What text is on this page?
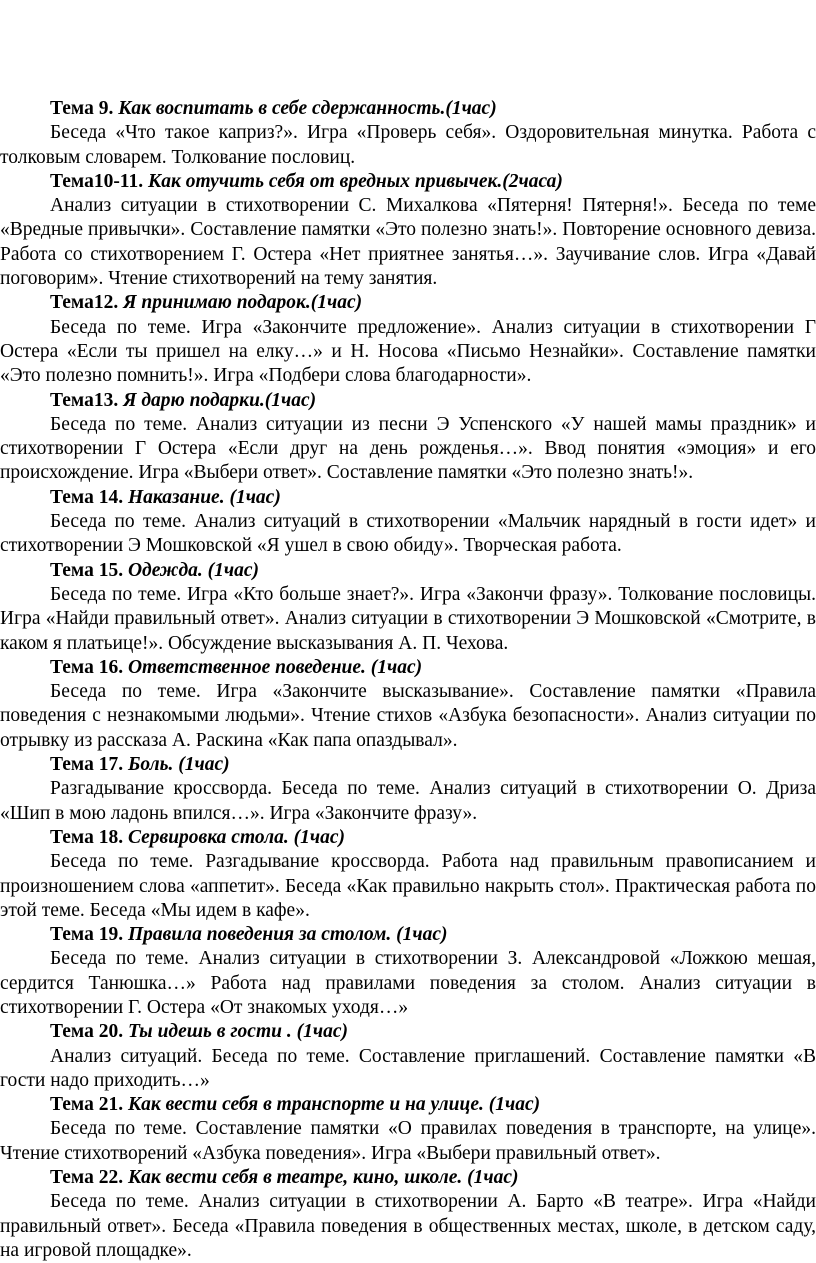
Тема 9. Как воспитать в себе сдержанность.(1час)

Беседа «Что такое каприз?». Игра «Проверь себя». Оздоровительная минутка. Работа с толковым словарем. Толкование пословиц.

Тема10-11. Как отучить себя от вредных привычек.(2часа)

Анализ ситуации в стихотворении С. Михалкова «Пятерня! Пятерня!». Беседа по теме «Вредные привычки». Составление памятки «Это полезно знать!». Повторение основного девиза. Работа со стихотворением Г. Остера «Нет приятнее занятья…». Заучивание слов. Игра «Давай поговорим». Чтение стихотворений на тему занятия.

Тема12. Я принимаю подарок.(1час)

Беседа по теме. Игра «Закончите предложение». Анализ ситуации в стихотворении Г Остера «Если ты пришел на елку…» и Н. Носова «Письмо Незнайки». Составление памятки «Это полезно помнить!». Игра «Подбери слова благодарности».

Тема13. Я дарю подарки.(1час)

Беседа по теме. Анализ ситуации из песни Э Успенского «У нашей мамы праздник» и стихотворении Г Остера «Если друг на день рожденья…». Ввод понятия «эмоция» и его происхождение. Игра «Выбери ответ». Составление памятки «Это полезно знать!».

Тема 14. Наказание. (1час)

Беседа по теме. Анализ ситуаций в стихотворении «Мальчик нарядный в гости идет» и стихотворении Э Мошковской «Я ушел в свою обиду». Творческая работа.

Тема 15. Одежда. (1час)

Беседа по теме. Игра «Кто больше знает?». Игра «Закончи фразу». Толкование пословицы. Игра «Найди правильный ответ». Анализ ситуации в стихотворении Э Мошковской «Смотрите, в каком я платьице!». Обсуждение высказывания А. П. Чехова.

Тема 16. Ответственное поведение. (1час)

Беседа по теме. Игра «Закончите высказывание». Составление памятки «Правила поведения с незнакомыми людьми». Чтение стихов «Азбука безопасности». Анализ ситуации по отрывку из рассказа А. Раскина «Как папа опаздывал».

Тема 17. Боль. (1час)

Разгадывание кроссворда. Беседа по теме. Анализ ситуаций в стихотворении О. Дриза «Шип в мою ладонь впился…». Игра «Закончите фразу».

Тема 18. Сервировка стола. (1час)

Беседа по теме. Разгадывание кроссворда. Работа над правильным правописанием и произношением слова «аппетит». Беседа «Как правильно накрыть стол». Практическая работа по этой теме. Беседа «Мы идем в кафе».

Тема 19. Правила поведения за столом. (1час)

Беседа по теме. Анализ ситуации в стихотворении З. Александровой «Ложкою мешая, сердится Танюшка…» Работа над правилами поведения за столом. Анализ ситуации в стихотворении Г. Остера «От знакомых уходя…»

Тема 20. Ты идешь в гости . (1час)

Анализ ситуаций. Беседа по теме. Составление приглашений. Составление памятки «В гости надо приходить…»

Тема 21. Как вести себя в транспорте и на улице. (1час)

Беседа по теме. Составление памятки «О правилах поведения в транспорте, на улице». Чтение стихотворений «Азбука поведения». Игра «Выбери правильный ответ».

Тема 22. Как вести себя в театре, кино, школе. (1час)

Беседа по теме. Анализ ситуации в стихотворении А. Барто «В театре». Игра «Найди правильный ответ». Беседа «Правила поведения в общественных местах, школе, в детском саду, на игровой площадке».
